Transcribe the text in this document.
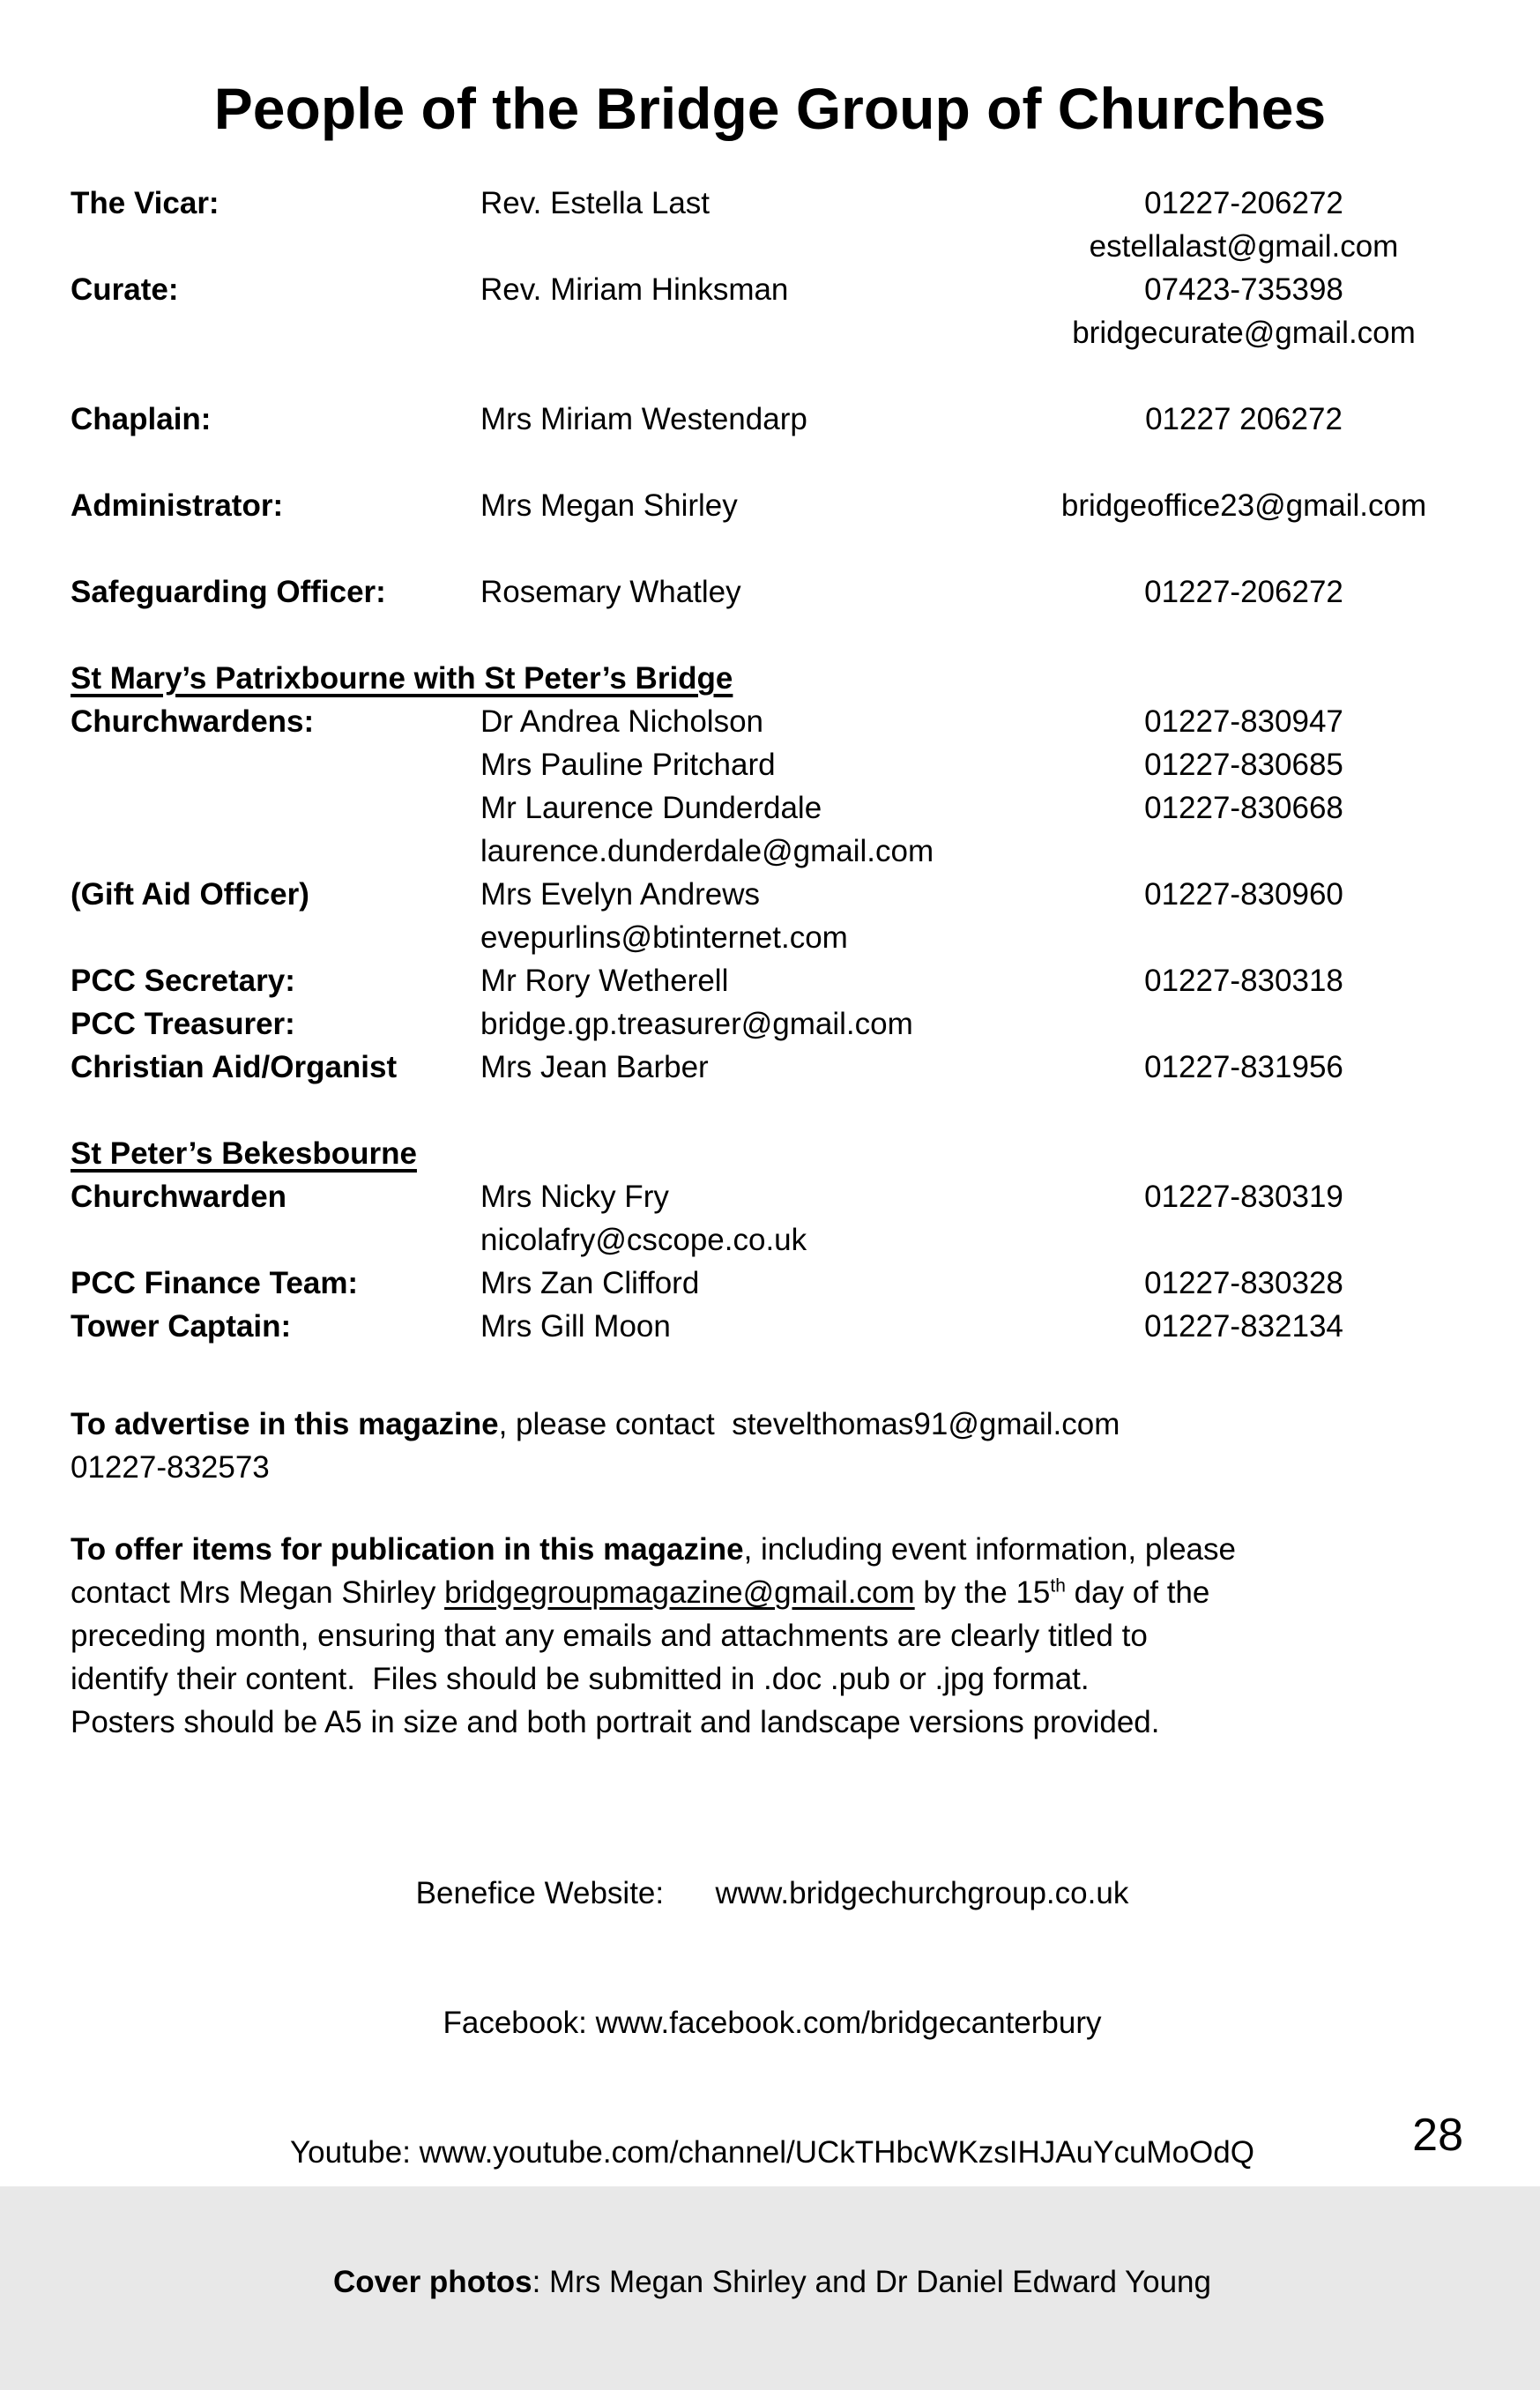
People of the Bridge Group of Churches
The Vicar:	Rev. Estella Last	01227-206272
estellalast@gmail.com
Curate:	Rev. Miriam Hinksman	07423-735398
bridgecurate@gmail.com
Chaplain:	Mrs Miriam Westendarp	01227 206272
Administrator:	Mrs Megan Shirley	bridgeoffice23@gmail.com
Safeguarding Officer:	Rosemary Whatley	01227-206272
St Mary’s Patrixbourne with St Peter’s Bridge
Churchwardens:	Dr Andrea Nicholson	01227-830947
Mrs Pauline Pritchard	01227-830685
Mr Laurence Dunderdale	01227-830668
laurence.dunderdale@gmail.com
(Gift Aid Officer)	Mrs Evelyn Andrews	01227-830960
evepurlins@btinternet.com
PCC Secretary:	Mr Rory Wetherell	01227-830318
PCC Treasurer:	bridge.gp.treasurer@gmail.com
Christian Aid/Organist	Mrs Jean Barber	01227-831956
St Peter’s Bekesbourne
Churchwarden	Mrs Nicky Fry	01227-830319
nicolafry@cscope.co.uk
PCC Finance Team:	Mrs Zan Clifford	01227-830328
Tower Captain:	Mrs Gill Moon	01227-832134

To advertise in this magazine, please contact  stevelthomas91@gmail.com
01227-832573

To offer items for publication in this magazine, including event information, please
contact Mrs Megan Shirley bridgegroupmagazine@gmail.com by the 15th day of the
preceding month, ensuring that any emails and attachments are clearly titled to
identify their content.  Files should be submitted in .doc .pub or .jpg format.
Posters should be A5 in size and both portrait and landscape versions provided.

Benefice Website:      www.bridgechurchgroup.co.uk

Facebook: www.facebook.com/bridgecanterbury

Youtube: www.youtube.com/channel/UCkTHbcWKzsIHJAuYcuMoOdQ

Cover photos: Mrs Megan Shirley and Dr Daniel Edward Young

28
